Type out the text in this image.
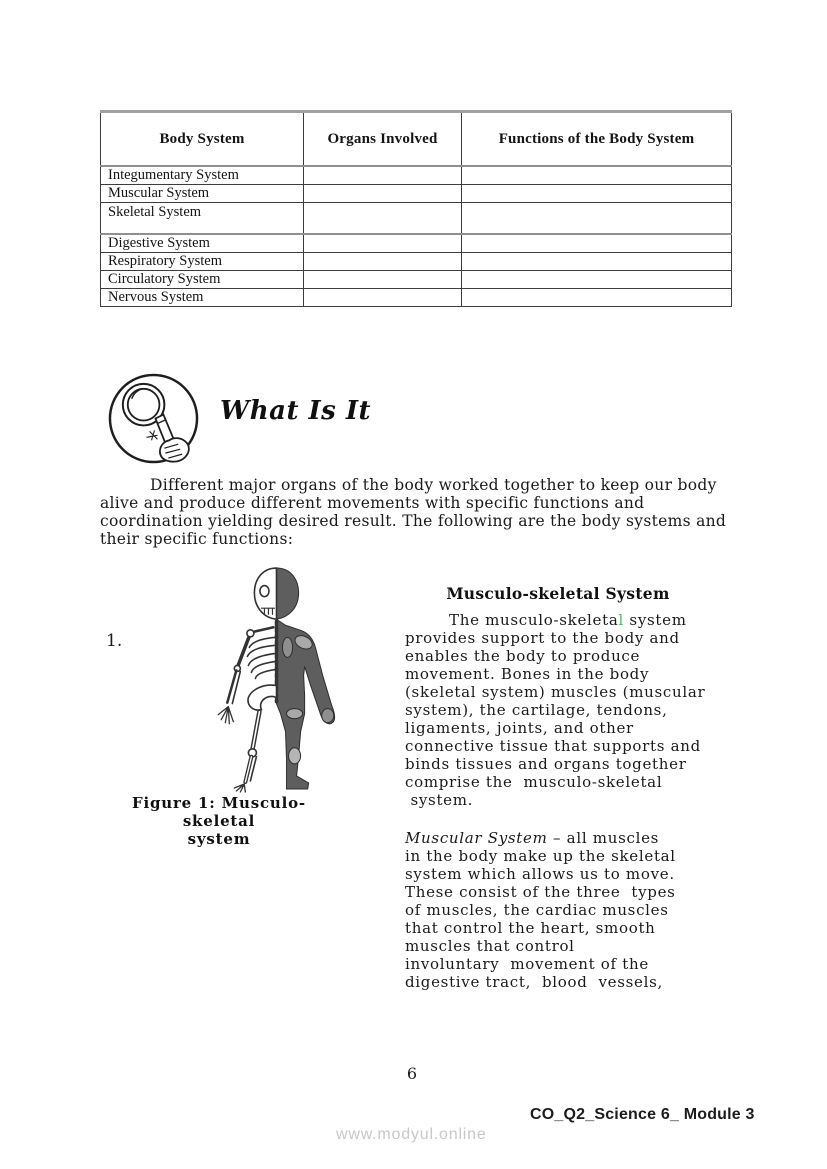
Body System	Organs Involved	Functions of the Body System
Integumentary System		
Muscular System		
Skeletal System		
Digestive System		
Respiratory System		
Circulatory System		
Nervous System		
What Is It
Different major organs of the body worked together to keep our body
alive and produce different movements with specific functions and
coordination yielding desired result. The following are the body systems and
their specific functions:
1.
Figure 1: Musculo-skeletal
system
Musculo-skeletal System
The musculo-skeletal system
provides support to the body and
enables the body to produce
movement. Bones in the body
(skeletal system) muscles (muscular
system), the cartilage, tendons,
ligaments, joints, and other
connective tissue that supports and
binds tissues and organs together
comprise the  musculo-skeletal
system.
Muscular System – all muscles
in the body make up the skeletal
system which allows us to move.
These consist of the three  types
of muscles, the cardiac muscles
that control the heart, smooth
muscles that control
involuntary  movement of the
digestive tract,  blood  vessels,
6
CO_Q2_Science 6_ Module 3
www.modyul.online
